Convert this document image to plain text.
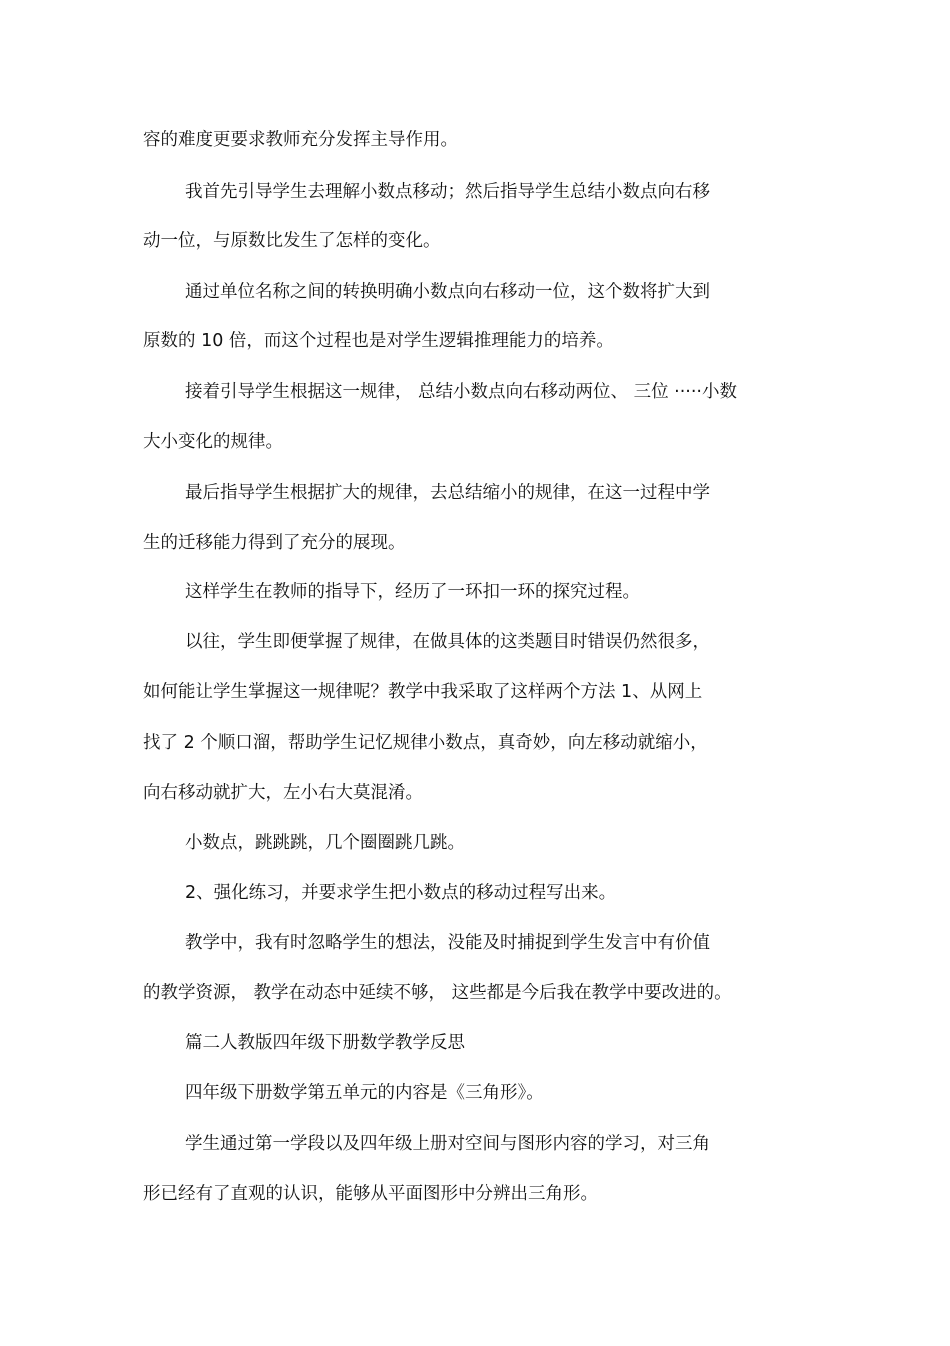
容的难度更要求教师充分发挥主导作用。
我首先引导学生去理解小数点移动；然后指导学生总结小数点向右移
动一位，与原数比发生了怎样的变化。
通过单位名称之间的转换明确小数点向右移动一位，这个数将扩大到
原数的 10 倍，而这个过程也是对学生逻辑推理能力的培养。
接着引导学生根据这一规律， 总结小数点向右移动两位、 三位 ·····小数
大小变化的规律。
最后指导学生根据扩大的规律，去总结缩小的规律，在这一过程中学
生的迁移能力得到了充分的展现。
这样学生在教师的指导下，经历了一环扣一环的探究过程。
以往，学生即便掌握了规律，在做具体的这类题目时错误仍然很多，
如何能让学生掌握这一规律呢？教学中我采取了这样两个方法 1、从网上
找了 2 个顺口溜，帮助学生记忆规律小数点，真奇妙，向左移动就缩小，
向右移动就扩大，左小右大莫混淆。
小数点，跳跳跳，几个圈圈跳几跳。
2、强化练习，并要求学生把小数点的移动过程写出来。
教学中，我有时忽略学生的想法，没能及时捕捉到学生发言中有价值
的教学资源， 教学在动态中延续不够， 这些都是今后我在教学中要改进的。
篇二人教版四年级下册数学教学反思
四年级下册数学第五单元的内容是《三角形》。
学生通过第一学段以及四年级上册对空间与图形内容的学习，对三角
形已经有了直观的认识，能够从平面图形中分辨出三角形。
